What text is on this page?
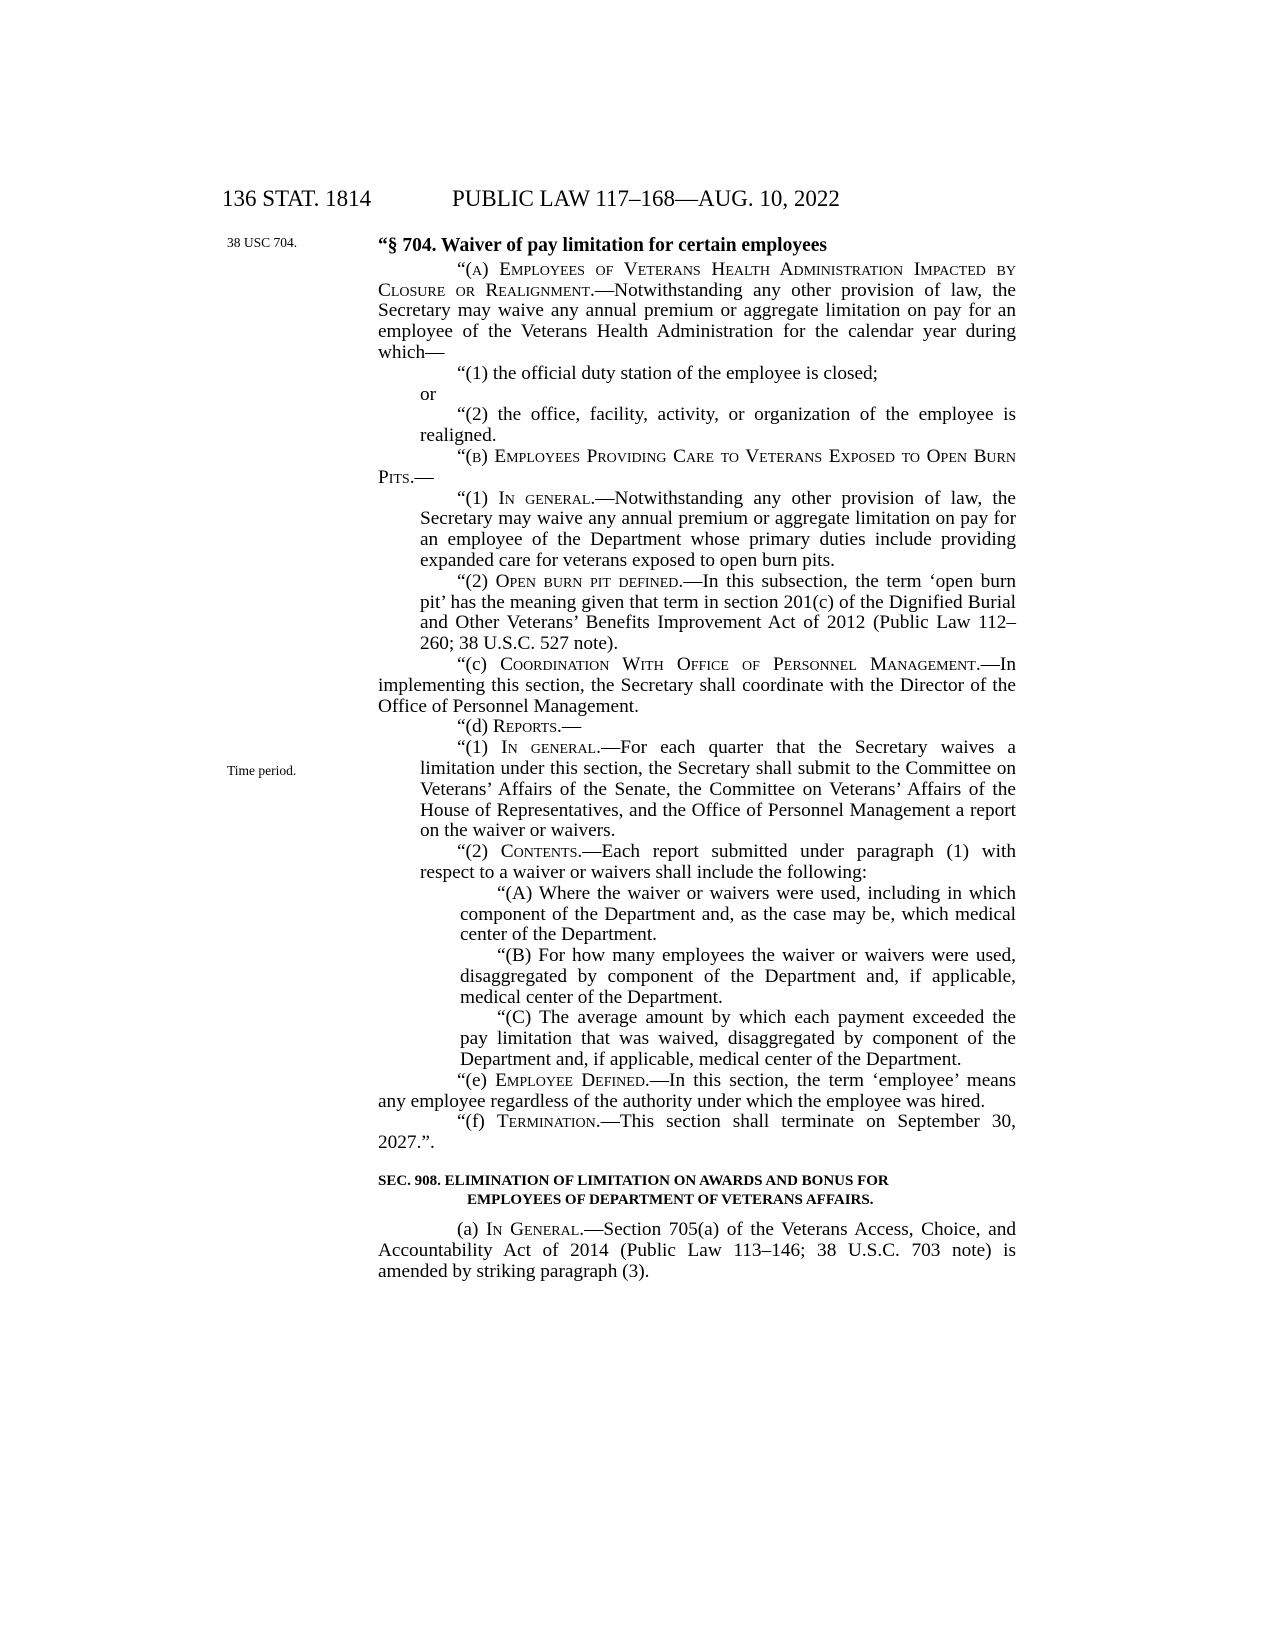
136 STAT. 1814	PUBLIC LAW 117–168—AUG. 10, 2022
38 USC 704.
Time period.

“§ 704. Waiver of pay limitation for certain employees

“(a) Employees of Veterans Health Administration Impacted by Closure or Realignment.—Notwithstanding any other provision of law, the Secretary may waive any annual premium or aggregate limitation on pay for an employee of the Veterans Health Administration for the calendar year during which—

“(1) the official duty station of the employee is closed;

or

“(2) the office, facility, activity, or organization of the employee is realigned.

“(b) Employees Providing Care to Veterans Exposed to Open Burn Pits.—

“(1) In general.—Notwithstanding any other provision of law, the Secretary may waive any annual premium or aggregate limitation on pay for an employee of the Department whose primary duties include providing expanded care for veterans exposed to open burn pits.

“(2) Open burn pit defined.—In this subsection, the term ‘open burn pit’ has the meaning given that term in section 201(c) of the Dignified Burial and Other Veterans’ Benefits Improvement Act of 2012 (Public Law 112–260; 38 U.S.C. 527 note).

“(c) Coordination With Office of Personnel Management.—In implementing this section, the Secretary shall coordinate with the Director of the Office of Personnel Management.

“(d) Reports.—

“(1) In general.—For each quarter that the Secretary waives a limitation under this section, the Secretary shall submit to the Committee on Veterans’ Affairs of the Senate, the Committee on Veterans’ Affairs of the House of Representatives, and the Office of Personnel Management a report on the waiver or waivers.

“(2) Contents.—Each report submitted under paragraph (1) with respect to a waiver or waivers shall include the following:

“(A) Where the waiver or waivers were used, including in which component of the Department and, as the case may be, which medical center of the Department.

“(B) For how many employees the waiver or waivers were used, disaggregated by component of the Department and, if applicable, medical center of the Department.

“(C) The average amount by which each payment exceeded the pay limitation that was waived, disaggregated by component of the Department and, if applicable, medical center of the Department.

“(e) Employee Defined.—In this section, the term ‘employee’ means any employee regardless of the authority under which the employee was hired.

“(f) Termination.—This section shall terminate on September 30, 2027.”.

SEC. 908. ELIMINATION OF LIMITATION ON AWARDS AND BONUS FOR
EMPLOYEES OF DEPARTMENT OF VETERANS AFFAIRS.

(a) In General.—Section 705(a) of the Veterans Access, Choice, and Accountability Act of 2014 (Public Law 113–146; 38 U.S.C. 703 note) is amended by striking paragraph (3).
